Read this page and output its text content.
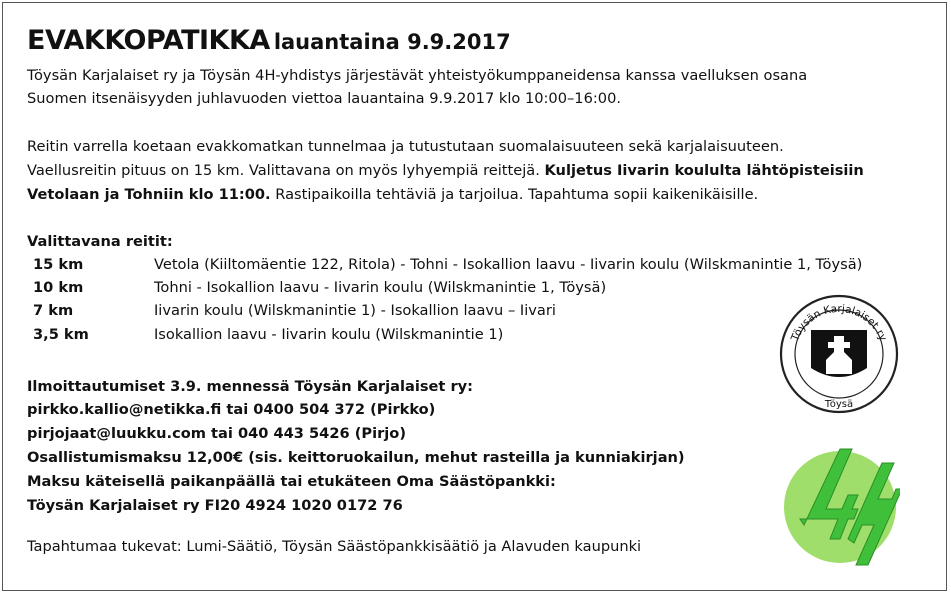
EVAKKOPATIKKA lauantaina 9.9.2017
Töysän Karjalaiset ry ja Töysän 4H-yhdistys järjestävät yhteistyökumppaneidensa kanssa vaelluksen osana
Suomen itsenäisyyden juhlavuoden viettoa lauantaina 9.9.2017 klo 10:00–16:00.
Reitin varrella koetaan evakkomatkan tunnelmaa ja tutustutaan suomalaisuuteen sekä karjalaisuuteen.
Vaellusreitin pituus on 15 km. Valittavana on myös lyhyempiä reittejä. Kuljetus Iivarin koululta lähtöpisteisiin
Vetolaan ja Tohniin klo 11:00. Rastipaikoilla tehtäviä ja tarjoilua. Tapahtuma sopii kaikenikäisille.
Valittavana reitit:
15 km	Vetola (Kiiltomäentie 122, Ritola) - Tohni - Isokallion laavu - Iivarin koulu (Wilskmanintie 1, Töysä)
10 km	Tohni - Isokallion laavu - Iivarin koulu (Wilskmanintie 1, Töysä)
7 km	Iivarin koulu (Wilskmanintie 1) - Isokallion laavu – Iivari
3,5 km	Isokallion laavu - Iivarin koulu (Wilskmanintie 1)
Ilmoittautumiset 3.9. mennessä Töysän Karjalaiset ry:
pirkko.kallio@netikka.fi tai 0400 504 372 (Pirkko)
pirjojaat@luukku.com tai 040 443 5426 (Pirjo)
Osallistumismaksu 12,00€ (sis. keittoruokailun, mehut rasteilla ja kunniakirjan)
Maksu käteisellä paikanpäällä tai etukäteen Oma Säästöpankki:
Töysän Karjalaiset ry FI20 4924 1020 0172 76
Tapahtumaa tukevat: Lumi-Säätiö, Töysän Säästöpankkisäätiö ja Alavuden kaupunki
Töysän Karjalaiset ry
Töysä
